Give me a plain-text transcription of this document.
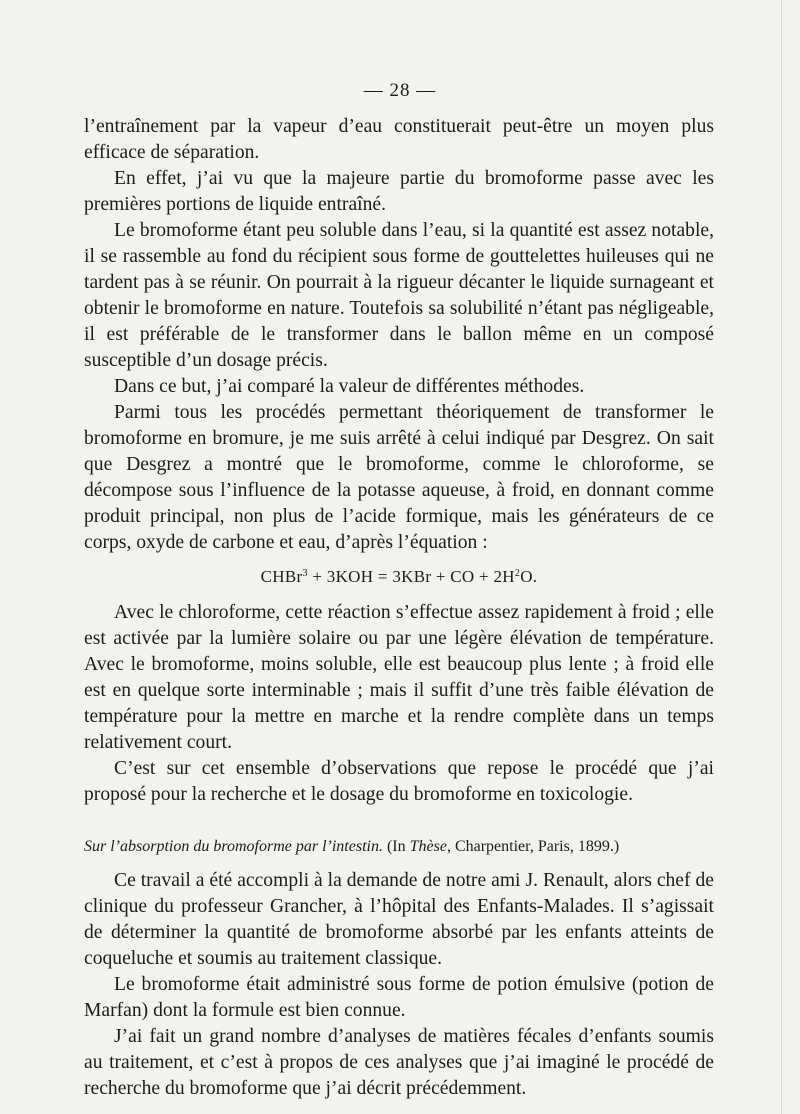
— 28 —

l’entraînement par la vapeur d’eau constituerait peut-être un moyen plus efficace de séparation.

En effet, j’ai vu que la majeure partie du bromoforme passe avec les premières portions de liquide entraîné.

Le bromoforme étant peu soluble dans l’eau, si la quantité est assez notable, il se rassemble au fond du récipient sous forme de gouttelettes huileuses qui ne tardent pas à se réunir. On pourrait à la rigueur décanter le liquide surnageant et obtenir le bromoforme en nature. Toutefois sa solubilité n’étant pas négligeable, il est préférable de le transformer dans le ballon même en un composé susceptible d’un dosage précis.

Dans ce but, j’ai comparé la valeur de différentes méthodes.

Parmi tous les procédés permettant théoriquement de transformer le bromoforme en bromure, je me suis arrêté à celui indiqué par Desgrez. On sait que Desgrez a montré que le bromoforme, comme le chloroforme, se décompose sous l’influence de la potasse aqueuse, à froid, en donnant comme produit principal, non plus de l’acide formique, mais les générateurs de ce corps, oxyde de carbone et eau, d’après l’équation :

CHBr$^3$ + 3KOH = 3KBr + CO + $2H^2O$.

Avec le chloroforme, cette réaction s’effectue assez rapidement à froid ; elle est activée par la lumière solaire ou par une légère élévation de température. Avec le bromoforme, moins soluble, elle est beaucoup plus lente ; à froid elle est en quelque sorte interminable ; mais il suffit d’une très faible élévation de température pour la mettre en marche et la rendre complète dans un temps relativement court.

C’est sur cet ensemble d’observations que repose le procédé que j’ai proposé pour la recherche et le dosage du bromoforme en toxicologie.

Sur l’absorption du bromoforme par l’intestin. (In Thèse, Charpentier, Paris, 1899.)

Ce travail a été accompli à la demande de notre ami J. Renault, alors chef de clinique du professeur Grancher, à l’hôpital des Enfants-Malades. Il s’agissait de déterminer la quantité de bromoforme absorbé par les enfants atteints de coqueluche et soumis au traitement classique.

Le bromoforme était administré sous forme de potion émulsive (potion de Marfan) dont la formule est bien connue.

J’ai fait un grand nombre d’analyses de matières fécales d’enfants soumis au traitement, et c’est à propos de ces analyses que j’ai imaginé le procédé de recherche du bromoforme que j’ai décrit précédemment.
